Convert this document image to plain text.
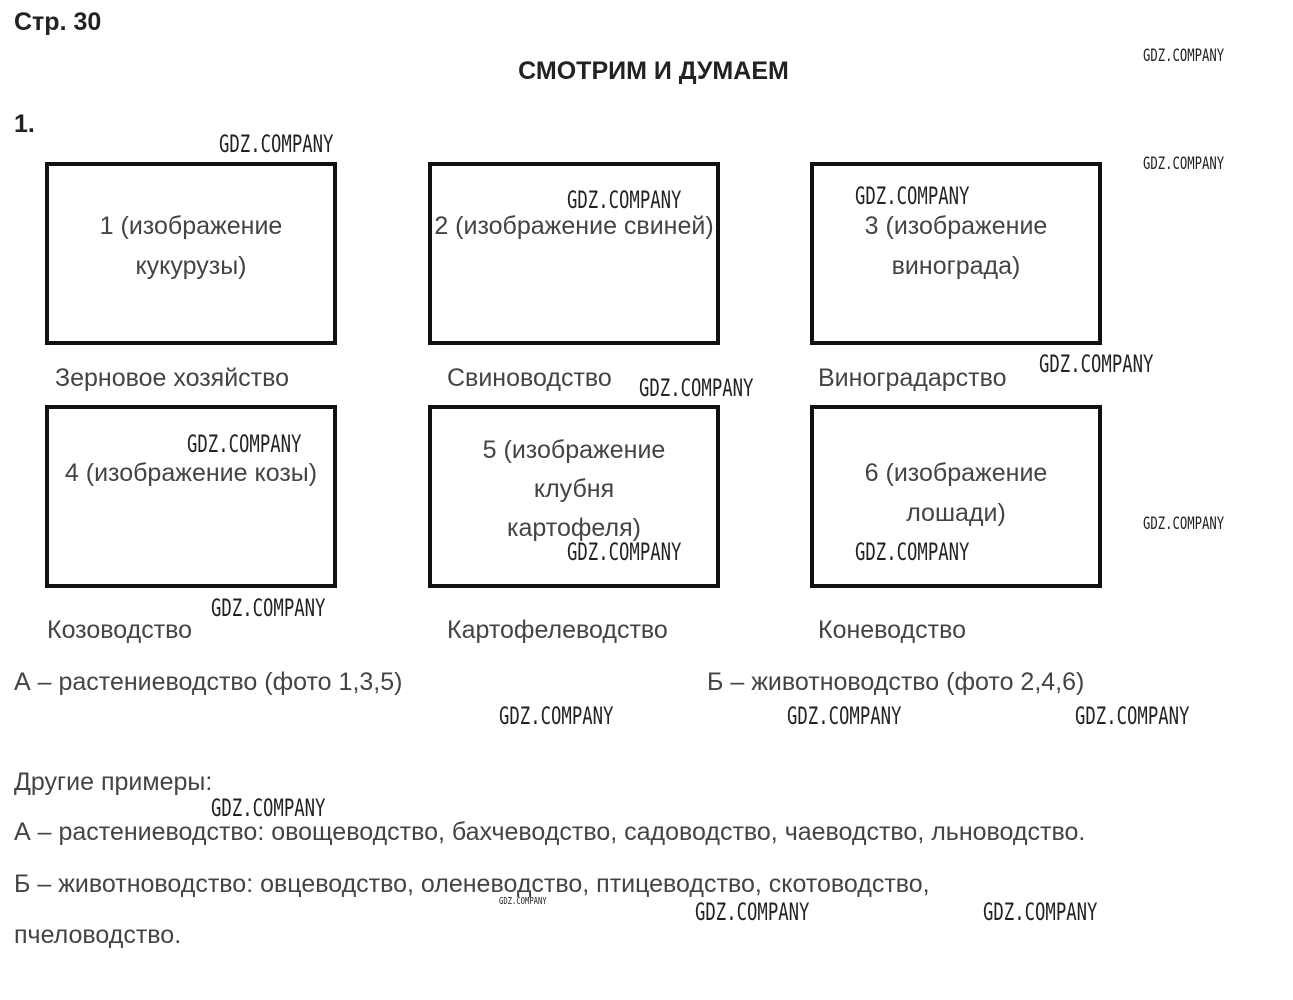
Стр. 30
СМОТРИМ И ДУМАЕМ
1.
1 (изображение кукурузы)
2 (изображение свиней)	3 (изображение винограда)
Зерновое хозяйство	Свиноводство	Виноградарство
4 (изображение козы)
5 (изображение клубня картофеля)
6 (изображение лошади)
Козоводство	Картофелеводство	Коневодство
А – растениеводство (фото 1,3,5)	Б – животноводство (фото 2,4,6)
Другие примеры:
А – растениеводство: овощеводство, бахчеводство, садоводство, чаеводство, льноводство.
Б – животноводство: овцеводство, оленеводство, птицеводство, скотоводство,
пчеловодство.
GDZ.COMPANY
GDZ.COMPANY
GDZ.COMPANY
GDZ.COMPANY	GDZ.COMPANY
GDZ.COMPANY
GDZ.COMPANY
GDZ.COMPANY
GDZ.COMPANY
GDZ.COMPANY	GDZ.COMPANY
GDZ.COMPANY
GDZ.COMPANY	GDZ.COMPANY	GDZ.COMPANY
GDZ.COMPANY
GDZ.COMPANY	GDZ.COMPANY	GDZ.COMPANY
